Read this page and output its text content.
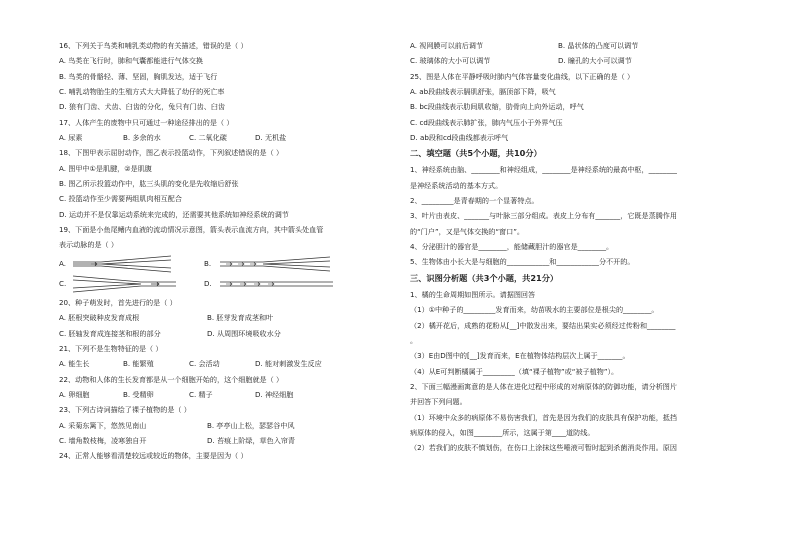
16、下列关于鸟类和哺乳类动物的有关描述，错误的是（ ）
A. 鸟类在飞行时，肺和气囊都能进行气体交换
B. 鸟类的骨骼轻、薄、坚固，胸肌发达，适于飞行
C. 哺乳动物胎生的生殖方式大大降低了幼仔的死亡率
D. 狼有门齿、犬齿、臼齿的分化，兔只有门齿、臼齿
17、人体产生的废物中只可通过一种途径排出的是（ ）
A. 尿素	B. 多余的水	C. 二氧化碳	D. 无机盐
18、下图甲表示屈肘动作，图乙表示投篮动作，下列叙述错误的是（ ）
A. 图甲中①是肌腱，②是肌腹
B. 图乙所示投篮动作中，肱三头肌的变化是先收缩后舒张
C. 投篮动作至少需要两组肌肉相互配合
D. 运动并不是仅靠运动系统来完成的，还需要其他系统如神经系统的调节
19、下面是小鱼尾鳍内血液的流动情况示意图，箭头表示血流方向，其中箭头处血管
表示动脉的是（ ）
A.	B.
C.	D.
20、种子萌发时，首先进行的是（ ）
A. 胚根突破种皮发育成根	B. 胚芽发育成茎和叶
C. 胚轴发育成连接茎和根的部分	D. 从周围环境吸收水分
21、下列不是生物特征的是（ ）
A. 能生长	B. 能繁殖	C. 会活动	D. 能对刺激发生反应
22、动物和人体的生长发育都是从一个细胞开始的，这个细胞就是（ ）
A. 卵细胞	B. 受精卵	C. 精子	D. 神经细胞
23、下列古诗词描绘了裸子植物的是（ ）
A. 采菊东篱下，悠然见南山	B. 亭亭山上松，瑟瑟谷中风
C. 墙角数枝梅，凌寒独自开	D. 苔痕上阶绿，草色入帘青
24、正常人能够看清楚较远或较近的物体，主要是因为（ ）
A. 视网膜可以前后调节	B. 晶状体的凸度可以调节
C. 玻璃体的大小可以调节	D. 瞳孔的大小可以调节
25、图是人体在平静呼吸时肺内气体容量变化曲线，以下正确的是（ ）
A. ab段曲线表示膈肌舒张，膈顶部下降，吸气
B. bc段曲线表示肋间肌收缩，肋骨向上向外运动，呼气
C. cd段曲线表示肺扩张，肺内气压小于外界气压
D. ab段和cd段曲线都表示呼气
二、填空题（共5个小题，共10分）
1、神经系统由脑、________和神经组成，________是神经系统的最高中枢，________
是神经系统活动的基本方式。
2、_________是青春期的一个显著特点。
3、叶片由表皮、_______与叶脉三部分组成。表皮上分布有_______，它既是蒸腾作用
的“门户”，又是气体交换的“窗口”。
4、分泌胆汁的器官是________，能储藏胆汁的器官是________。
5、生物体由小长大是与细胞的____________和____________分不开的。
三、识图分析题（共3个小题，共21分）
1、橘的生命周期如图所示。请据图回答
（1）①中种子的_________发育而来，幼苗吸水的主要部位是根尖的________。
（2）橘开花后，成熟的花粉从[__]中散发出来，要结出果实必须经过传粉和________
。
（3）E由D图中的[__]发育而来，E在植物体结构层次上属于_______。
（4）从E可判断橘属于_________（填“裸子植物”或“被子植物”）。
2、下面三幅漫画寓意的是人体在进化过程中形成的对病原体的防御功能，请分析图片
并回答下列问题。
（1）环境中众多的病原体不易伤害我们，首先是因为我们的皮肤具有保护功能，抵挡
病原体的侵入，如图________所示，这属于第____道防线。
（2）若我们的皮肤不慎划伤，在伤口上涂抹这些唾液可暂时起到杀菌消炎作用。原因
